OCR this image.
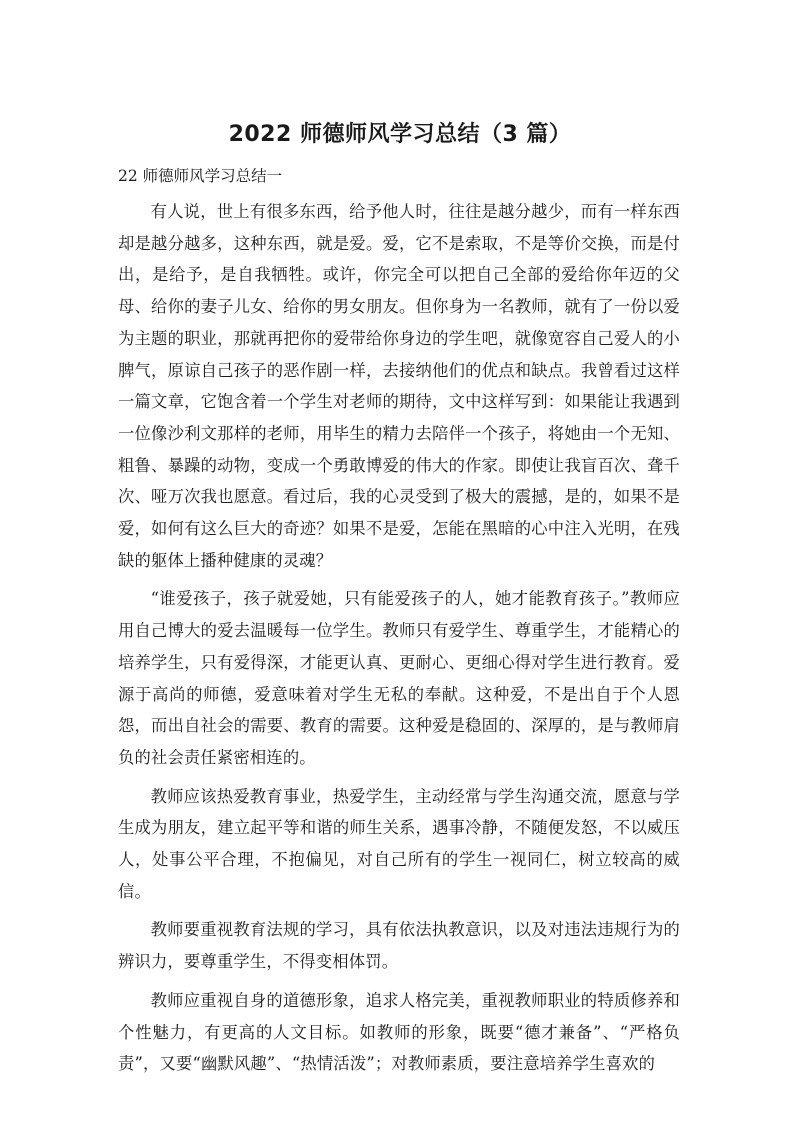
2022 师德师风学习总结（3 篇）

22 师德师风学习总结一

有人说，世上有很多东西，给予他人时，往往是越分越少，而有一样东西却是越分越多，这种东西，就是爱。爱，它不是索取，不是等价交换，而是付出，是给予，是自我牺牲。或许，你完全可以把自己全部的爱给你年迈的父母、给你的妻子儿女、给你的男女朋友。但你身为一名教师，就有了一份以爱为主题的职业，那就再把你的爱带给你身边的学生吧，就像宽容自己爱人的小脾气，原谅自己孩子的恶作剧一样，去接纳他们的优点和缺点。我曾看过这样一篇文章，它饱含着一个学生对老师的期待，文中这样写到：如果能让我遇到一位像沙利文那样的老师，用毕生的精力去陪伴一个孩子，将她由一个无知、粗鲁、暴躁的动物，变成一个勇敢博爱的伟大的作家。即使让我盲百次、聋千次、哑万次我也愿意。看过后，我的心灵受到了极大的震撼，是的，如果不是爱，如何有这么巨大的奇迹？如果不是爱，怎能在黑暗的心中注入光明，在残缺的躯体上播种健康的灵魂？

“谁爱孩子，孩子就爱她，只有能爱孩子的人，她才能教育孩子。”教师应用自己博大的爱去温暖每一位学生。教师只有爱学生、尊重学生，才能精心的培养学生，只有爱得深，才能更认真、更耐心、更细心得对学生进行教育。爱源于高尚的师德，爱意味着对学生无私的奉献。这种爱，不是出自于个人恩怨，而出自社会的需要、教育的需要。这种爱是稳固的、深厚的，是与教师肩负的社会责任紧密相连的。

教师应该热爱教育事业，热爱学生，主动经常与学生沟通交流，愿意与学生成为朋友，建立起平等和谐的师生关系，遇事冷静，不随便发怒，不以威压人，处事公平合理，不抱偏见，对自己所有的学生一视同仁，树立较高的威信。

教师要重视教育法规的学习，具有依法执教意识，以及对违法违规行为的辨识力，要尊重学生，不得变相体罚。

教师应重视自身的道德形象，追求人格完美，重视教师职业的特质修养和个性魅力，有更高的人文目标。如教师的形象，既要“德才兼备”、“严格负责”，又要“幽默风趣”、“热情活泼”；对教师素质，要注意培养学生喜欢的
